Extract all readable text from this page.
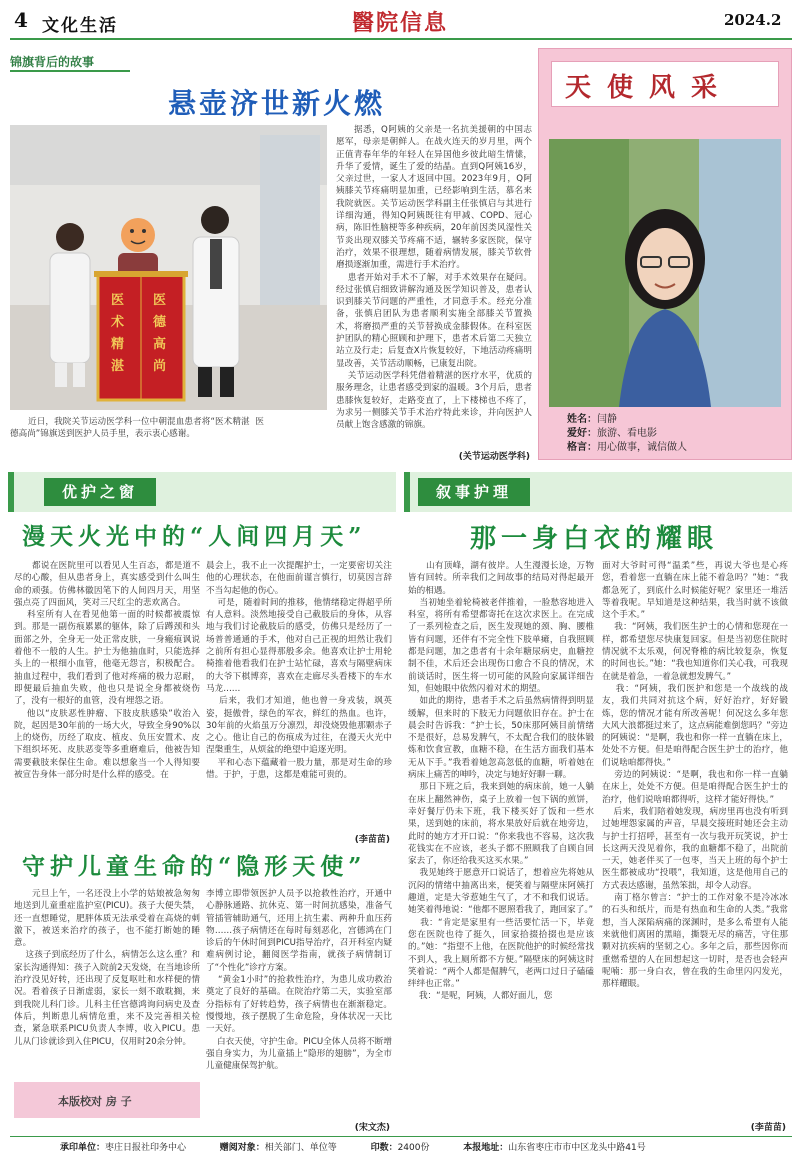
4 文化生活	醫院信息	2024.2
锦旗背后的故事
悬壶济世新火燃
医德高尚
医术精湛
据悉，Q阿姨的父亲是一名抗美援朝的中国志愿军，母亲是朝鲜人。在战火连天的岁月里，两个正值青春年华的年轻人在异国他乡彼此暗生情愫，升华了爱情，诞生了爱的结晶。直到Q阿姨16岁，父亲过世，一家人才返回中国。2023年9月，Q阿姨膝关节疼痛明显加重，已经影响到生活，慕名来我院就医。关节运动医学科副主任张慎启与其进行详细沟通，得知Q阿姨既往有甲减、COPD、冠心病，陈旧性脑梗等多种疾病，20年前因类风湿性关节炎出现双膝关节疼痛不适，辗转多家医院，保守治疗，效果不很理想，随着病情发展，膝关节软骨磨损逐渐加重，需进行手术治疗。
患者开始对手术不了解，对手术效果存在疑问。经过张慎启细致讲解沟通及医学知识普及，患者认识到膝关节问题的严重性，才同意手术。经充分准备，张慎启团队为患者顺利实施全部膝关节置换术，将磨损严重的关节替换成金膝假体。在科室医护团队的精心照顾和护理下，患者术后第二天独立站立及行走；后复查X片恢复较好，下地活动疼痛明显改善，关节活动顺畅，已康复出院。
关节运动医学科凭借着精湛的医疗水平，优质的服务理念，让患者感受到家的温暖。3个月后，患者患膝恢复较好，走路变直了，上下楼梯也不疼了，为求另一侧膝关节手术治疗特此来诊，并向医护人员献上饱含感激的锦旗。
近日，我院关节运动医学科一位中朝混血患者将“医术精湛  医德高尚”锦旗送到医护人员手里，表示衷心感谢。
(关节运动医学科)
天使风采
姓名：闫静
爱好：旅游、看电影
格言：用心做事，诚信做人
优护之窗	叙事护理
漫天火光中的“人间四月天”
都说在医院里可以看见人生百态，都是道不尽的心酸，但从患者身上，真实感受到什么叫生命的顽强。仿佛林徽因笔下的人间四月天，用坚强点亮了四面风，笑对三尺红尘的悲欢离合。
科室所有人在看见他第一面的时候都被震惊到。那是一副伤痕累累的躯体，除了后蹲颈和头面部之外，全身无一处正常皮肤，一身瘢痕讽说着他不一般的人生。护士为他抽血时，只能选择头上的一根细小血管，他毫无怨言，积极配合。抽血过程中，我们看到了他对疼痛的极力忍耐，即便最后抽血失败，他也只是说全身都被烧伤了，没有一根好的血管，没有埋怨之语。
他以“皮肤恶性肿瘤、下肢皮肤感染”收治入院，起因是30年前的一场大火，导致全身90%以上的烧伤，历经了取皮、植皮、负压安置术、皮下组织坏死、皮肤恶变等多重磨难后，他被告知需要截肢来保住生命。难以想象当一个人得知要被宣告身体一部分时是什么样的感受。在
晨会上，我不止一次提醒护士，一定要密切关注他的心理状态，在他面前谨言慎行，切莫因言辞不当勾起他的伤心。
可是，随着时间的推移，他情绪稳定得超乎所有人意料。淡然地接受自己截肢后的身体，从容地与我们讨论截肢后的感受，仿佛只是经历了一场普普通通的手术，他对自己正视的坦然让我们之前所有担心显得那般多余。他喜欢让护士用轮椅推着他看我们在护士站忙碌，喜欢与隔壁病床的大爷下棋博弈，喜欢在走廊尽头看楼下的车水马龙……
后来，我们才知道，他也曾一身戎装，飒英姿，挺傲骨，绿色的军衣，鲜红的热血。也许，30年前的火焰虽万分凛烈，却没烧毁他那颗赤子之心。他让自己的伤痕成为过往，在漫天火光中涅槃重生，从烦盆的绝望中追逐光明。
平和心态下蕴藏着一股力量，那是对生命的珍惜。于护，于患，这都是难能可贵的。
(李苗苗)
守护儿童生命的“隐形天使”
元旦上午，一名还没上小学的姑娘被急匆匆地送到儿童重症监护室(PICU)。孩子大便失禁，还一直想睡觉，肥胖体质无法承受着在高烧的刺激下，被送来治疗的孩子，也不能打断她的睡意。
这孩子到底经历了什么，病情怎么这么重？和家长沟通得知：孩子入院前2天发烧，在当地诊所治疗没见好转，还出现了反复呕吐和水样便的情况。看着孩子日渐虚弱，家长一刻不敢耽搁，来到我院儿科门诊。儿科主任宫德鸿询问病史及查体后，判断患儿病情危重，来不及完善相关检查，紧急联系PICU负责人李博，收入PICU。患儿从门诊就诊到入住PICU，仅用时20余分钟。
李博立即带领医护人员予以抢救性治疗，开通中心静脉通路、抗休克、第一时间抗感染，准备气管插管辅助通气，还用上抗生素、两种升血压药物……孩子病情还在每时每刻恶化，宫德鸿在门诊后的午休时间到PICU指导治疗，召开科室内疑难病例讨论，翻阅医学指南，就孩子病情制订了“个性化”诊疗方案。
“黄金1小时”的抢救性治疗，为患儿成功救治奠定了良好的基础。在院治疗第二天，实验室部分指标有了好转趋势，孩子病情也在渐渐稳定。慢慢地，孩子摆脱了生命危险，身体状况一天比一天好。
白衣天使，守护生命。PICU全体人员将不断增强自身实力，为儿童插上“隐形的翅膀”，为全市儿童健康保驾护航。
(宋文杰)
本版校对 房 子
那一身白衣的耀眼
山有顶峰，湖有彼岸。人生漫漫长途，万物皆有回转。所幸我们之间故事的结局对得起最开始的相遇。
当初她坐着轮椅被老伴推着，一脸愁容地进入科室，将所有希望都寄托在这次求医上。在完成了一系列检查之后，医生发现她的颈、胸、腰椎皆有问题，还伴有不完全性下肢单瘫，自我照顾都是问题，加之患者有十余年糖尿病史，血糖控制不佳，术后还会出现伤口愈合不良的情况，术前谈话时，医生将一切可能的风险向家属详细告知，但她眼中依然闪着对术的期望。
如此的期待，患者手术之后虽然病情得到明显缓解，但来时的下肢无力问题依旧存在。护士在晨会时告诉我：“护士长，50床那阿姨目前情绪不是很好，总易发脾气，不太配合我们的肢体锻炼和饮食宣教，血糖不稳，在生活方面我们基本无从下手。”我看着她忽高忽低的血糖，听着她在病床上痛苦的呻吟，决定与她好好聊一聊。
那日下班之后，我来到她的病床前，她一人躺在床上翻然神伤，桌子上放着一包下锅的煎饼，幸好餐厅仍未下班，我下楼买好了饭和一些水果，送到她的床前，将水果放好后就在地旁边，此时的她方才开口说：“你来我也不容易，这次我花钱实在不应该，老头子都不照顾我了自顾自回家去了，你还给我买这买水果。”
我见她终于愿意开口说话了，想着应先将她从沉闷的情绪中抽离出来，便笑着与隔壁床阿姨打趣道，定是大爷惹她生气了，才不和我们说话。她笑着得地说：“他都不愿照看我了，跑回家了。”
我：“肯定是家里有一些活要忙活一下，毕竟您在医院也待了挺久，回家拾掇拾掇也是应该的。”她：“指望不上他，在医院他护的时候经常找不到人，我上厕所都不方便。”隔壁床的阿姨这时笑着说：“两个人都是倔脾气，老两口过日子磕磕绊绊也正常。”
我：“是呢，阿姨，人都好面儿，您
面对大爷时可得“温柔”些，再说大爷也是心疼您，看着您一直躺在床上能不着急吗？”她：“我都急死了，到底什么时候能好呢？家里还一堆活等着我呢。早知道是这种结果，我当时就不该做这个手术。”
我：“阿姨，我们医生护士的心情和您现在一样，都希望您尽快康复回家。但是当初您住院时情况就不太乐观，何况脊椎的病比较复杂，恢复的时间也长。”她：“我也知道你们关心我，可我现在就是着急，一着急就想发脾气。”
我：“阿姨，我们医护和您是一个战线的战友，我们共同对抗这个病，好好治疗，好好锻炼，您的情况才能有所改善呢！何况这么多年您大风大浪都挺过来了，这点病能难倒您吗？”旁边的阿姨说：“是啊，我也和你一样一直躺在床上，处处不方便。但是咱得配合医生护士的治疗，他们说啥咱都得快。”
旁边的阿姨说：“是啊，我也和你一样一直躺在床上，处处不方便。但是咱得配合医生护士的治疗，他们说啥咱都得听，这样才能好得快。”
后来，我们陪着她发现，病房里再也没有听到过她埋怨家属的声音，早晨交接班时她还会主动与护士打招呼，甚至有一次与我开玩笑说，护士长这两天没见着你，我的血糖都不稳了，出院前一天，她老伴买了一包枣，当天上班的每个护士医生都被成功“投喂”，我知道，这是他用自己的方式表达感谢，虽然笨拙，却令人动容。
南丁格尔曾言：“护士的工作对象不是冷冰冰的石头和纸片，而是有热血和生命的人类。”我常想，当人深陷病痛的深渊时，是多么希望有人能来就他们离困的黑暗，撕裂无尽的痛苦，守住那颗对抗疾病的坚韧之心。多年之后，那些因你而重燃希望的人在回想起这一切时，是否也会轻声呢喃：那一身白衣，曾在我的生命里闪闪发光，那样耀眼。
(李苗苗)
承印单位：枣庄日报社印务中心	赠阅对象：相关部门、单位等	印数：2400份	本报地址：山东省枣庄市市中区龙头中路41号
